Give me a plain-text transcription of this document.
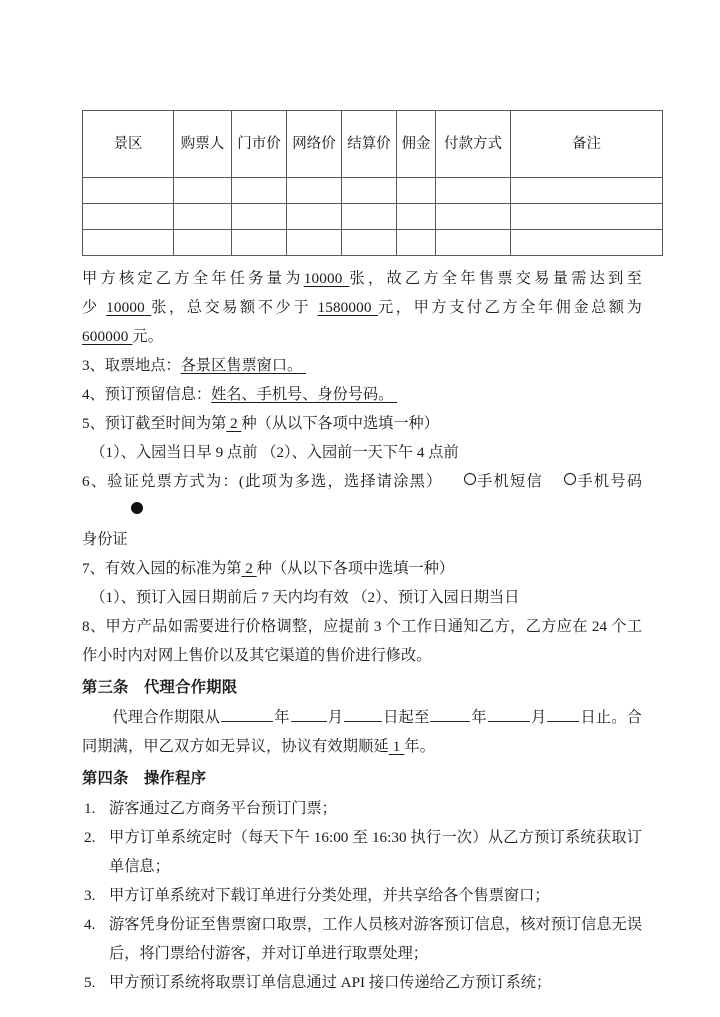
景区	购票人	门市价	网络价	结算价	佣金	付款方式	备注

甲方核定乙方全年任务量为10000 张，故乙方全年售票交易量需达到至少 10000 张，总交易额不少于 1580000 元，甲方支付乙方全年佣金总额为600000 元。

3、取票地点：各景区售票窗口。

4、预订预留信息：姓名、手机号、身份号码。

5、预订截至时间为第 2 种（从以下各项中选填一种）

（1）、入园当日早 9 点前 （2）、入园前一天下午 4 点前

6、验证兑票方式为：(此项为多选，选择请涂黑） 手机短信 手机号码

身份证

7、有效入园的标准为第 2 种（从以下各项中选填一种）

（1）、预订入园日期前后 7 天内均有效 （2）、预订入园日期当日

8、甲方产品如需要进行价格调整，应提前 3 个工作日通知乙方，乙方应在 24 个工作小时内对网上售价以及其它渠道的售价进行修改。

第三条 代理合作期限

代理合作期限从	年	月	日起至	年	月 日止。合同期满，甲乙双方如无异议，协议有效期顺延 1 年。

第四条 操作程序

游客通过乙方商务平台预订门票；
甲方订单系统定时（每天下午 16:00 至 16:30 执行一次）从乙方预订系统获取订单信息；
甲方订单系统对下载订单进行分类处理，并共享给各个售票窗口；
游客凭身份证至售票窗口取票，工作人员核对游客预订信息，核对预订信息无误后，将门票给付游客，并对订单进行取票处理；
甲方预订系统将取票订单信息通过 API 接口传递给乙方预订系统；
